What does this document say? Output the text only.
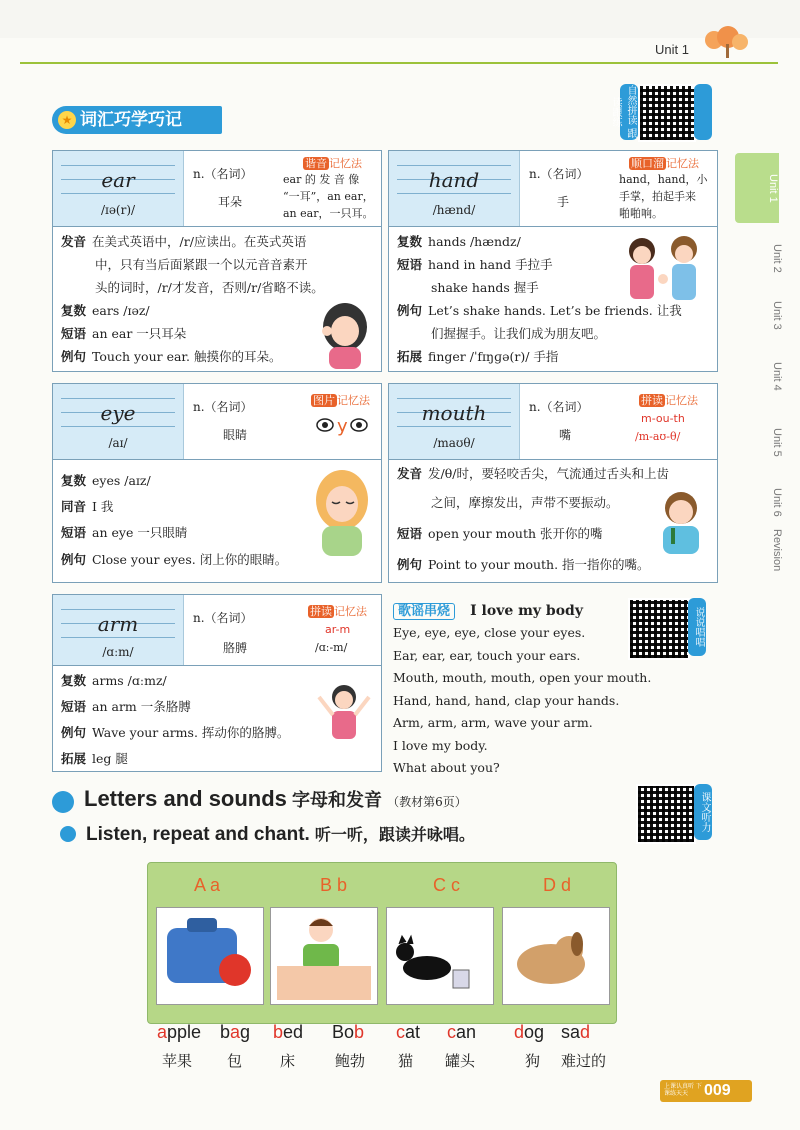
Unit 1
Unit 1
Unit 2
Unit 3
Unit 4
Unit 5
Unit 6
Revision
★ 词汇巧学巧记	自然拼读 跟读跟练
ear
/ɪə(r)/
n.（名词）
耳朵
谐音 记忆法
ear 的 发 音 像
“一耳”，an ear，
an ear，一只耳。
发音 在美式英语中，/r/应读出。在英式英语
中，只有当后面紧跟一个以元音音素开
头的词时，/r/才发音，否则/r/省略不读。
复数 ears /ɪəz/
短语 an ear 一只耳朵
例句 Touch your ear. 触摸你的耳朵。
hand
/hænd/
n.（名词）
手
顺口溜 记忆法
hand，hand，小
手掌，拍起手来
啪啪响。
复数 hands /hændz/
短语 hand in hand 手拉手
shake hands 握手
例句 Let’s shake hands. Let’s be friends. 让我
们握握手。让我们成为朋友吧。
拓展 finger /ˈfɪŋɡə(r)/ 手指
eye
/aɪ/
n.（名词）
眼睛
图片 记忆法
y
复数 eyes /aɪz/
同音 I 我
短语 an eye 一只眼睛
例句 Close your eyes. 闭上你的眼睛。
mouth
/maʊθ/
n.（名词）
嘴
拼读 记忆法
m-ou-th
/m-aʊ-θ/
发音 发/θ/时，要轻咬舌尖，气流通过舌头和上齿
之间，摩擦发出，声带不要振动。
短语 open your mouth 张开你的嘴
例句 Point to your mouth. 指一指你的嘴。
arm
/ɑːm/
n.（名词）
胳膊
拼读 记忆法
ar-m
/ɑː-m/
复数 arms /ɑːmz/
短语 an arm 一条胳膊
例句 Wave your arms. 挥动你的胳膊。
拓展 leg 腿
歌谣串烧 I love my body	说说唱唱
Eye, eye, eye, close your eyes.
Ear, ear, ear, touch your ears.
Mouth, mouth, mouth, open your mouth.
Hand, hand, hand, clap your hands.
Arm, arm, arm, wave your arm.
I love my body.
What about you?
Letters and sounds 字母和发音 （教材第6页）
Listen, repeat and chant. 听一听，跟读并咏唱。
课文听力
A a	B b	C c	D d
apple bag bed Bob cat can dog sad
苹果 包	床	鲍勃 猫 罐头	狗 难过的
上课认真听 下课练天天 009
